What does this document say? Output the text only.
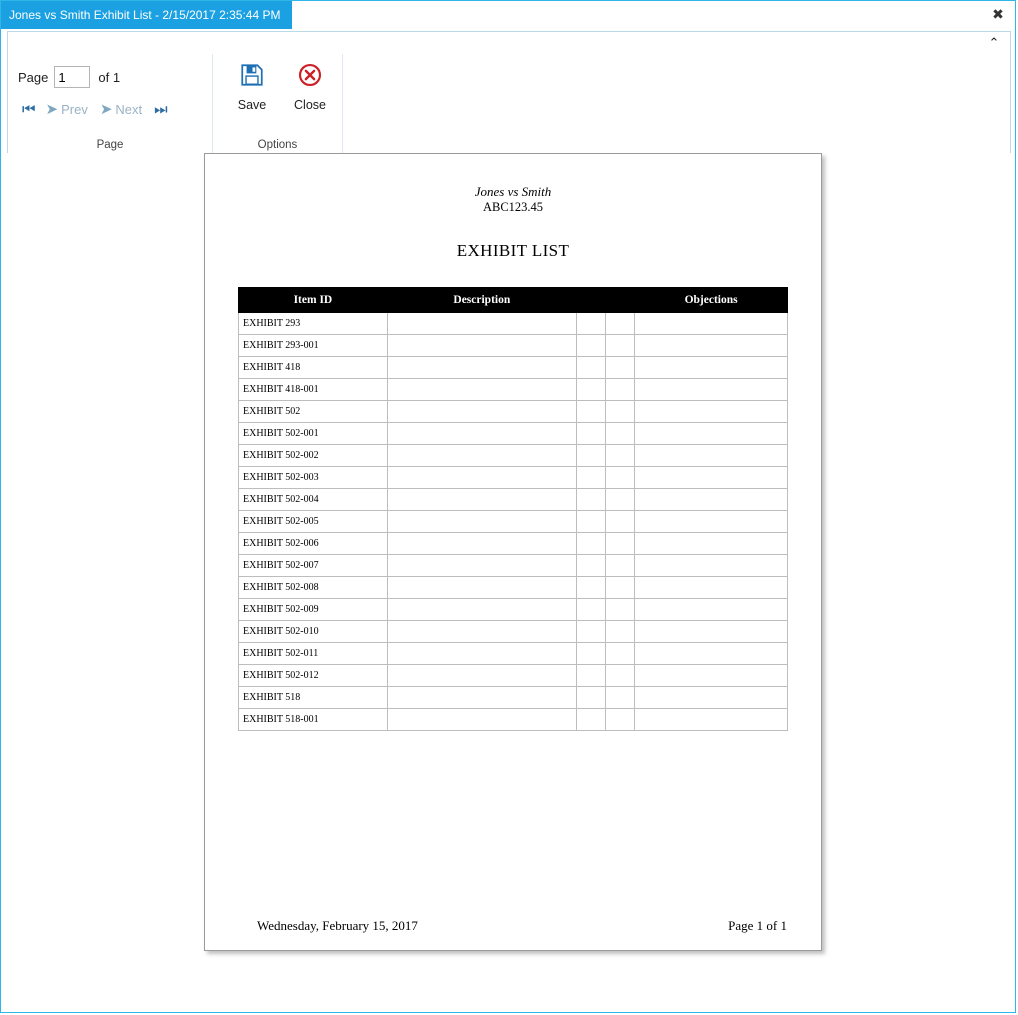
Jones vs Smith Exhibit List - 2/15/2017 2:35:44 PM	✖
⌃
Page
1	of 1
⏮ ➤ Prev ➤ Next ⏭
Page
Save	Close
Options
Jones vs Smith
ABC123.45
EXHIBIT LIST
Item ID	Description			Objections
EXHIBIT 293				
EXHIBIT 293-001				
EXHIBIT 418				
EXHIBIT 418-001				
EXHIBIT 502				
EXHIBIT 502-001				
EXHIBIT 502-002				
EXHIBIT 502-003				
EXHIBIT 502-004				
EXHIBIT 502-005				
EXHIBIT 502-006				
EXHIBIT 502-007				
EXHIBIT 502-008				
EXHIBIT 502-009				
EXHIBIT 502-010				
EXHIBIT 502-011				
EXHIBIT 502-012				
EXHIBIT 518				
EXHIBIT 518-001				
Wednesday, February 15, 2017	Page 1 of 1
